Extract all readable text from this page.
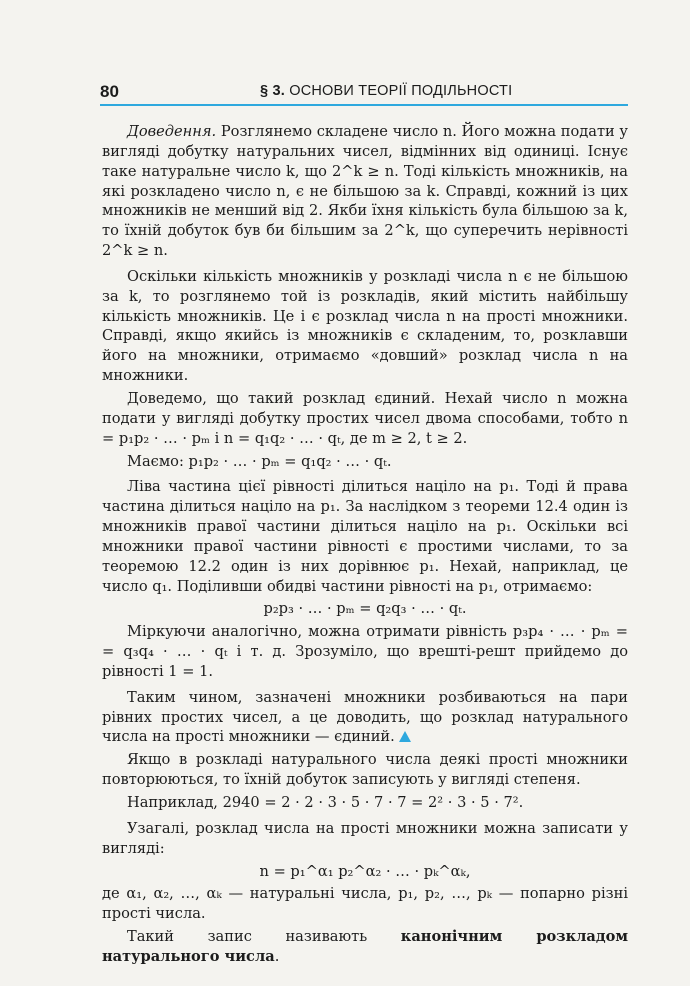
80	§ 3. ОСНОВИ ТЕОРІЇ ПОДІЛЬНОСТІ

Доведення. Розглянемо складене число n. Його можна подати у вигляді добутку натуральних чисел, відмінних від одиниці. Існує таке натуральне число k, що 2^k ≥ n. Тоді кількість множників, на які розкладено число n, є не більшою за k. Справді, кожний із цих множників не менший від 2. Якби їхня кількість була більшою за k, то їхній добуток був би більшим за 2^k, що суперечить нерівності 2^k ≥ n.

Оскільки кількість множників у розкладі числа n є не більшою за k, то розглянемо той із розкладів, який містить найбільшу кількість множників. Це і є розклад числа n на прості множники. Справді, якщо якийсь із множників є складеним, то, розклавши його на множники, отримаємо «довший» розклад числа n на множники.

Доведемо, що такий розклад єдиний. Нехай число n можна подати у вигляді добутку простих чисел двома способами, тобто n = p₁p₂ · … · pₘ і n = q₁q₂ · … · qₜ, де m ≥ 2, t ≥ 2.

Маємо: p₁p₂ · … · pₘ = q₁q₂ · … · qₜ.

Ліва частина цієї рівності ділиться націло на p₁. Тоді й права частина ділиться націло на p₁. За наслідком з теореми 12.4 один із множників правої частини ділиться націло на p₁. Оскільки всі множники правої частини рівності є простими числами, то за теоремою 12.2 один із них дорівнює p₁. Нехай, наприклад, це число q₁. Поділивши обидві частини рівності на p₁, отримаємо:

p₂p₃ · … · pₘ = q₂q₃ · … · qₜ.

Міркуючи аналогічно, можна отримати рівність p₃p₄ · … · pₘ = = q₃q₄ · … · qₜ і т. д. Зрозуміло, що врешті-решт прийдемо до рівності 1 = 1.

Таким чином, зазначені множники розбиваються на пари рівних простих чисел, а це доводить, що розклад натурального числа на прості множники — єдиний.

Якщо в розкладі натурального числа деякі прості множники повторюються, то їхній добуток записують у вигляді степеня.

Наприклад, 2940 = 2 · 2 · 3 · 5 · 7 · 7 = 2² · 3 · 5 · 7².

Узагалі, розклад числа на прості множники можна записати у вигляді:

n = p₁^α₁ p₂^α₂ · … · pₖ^αₖ,

де α₁, α₂, …, αₖ — натуральні числа, p₁, p₂, …, pₖ — попарно різні прості числа.

Такий запис називають канонічним розкладом натурального числа.
